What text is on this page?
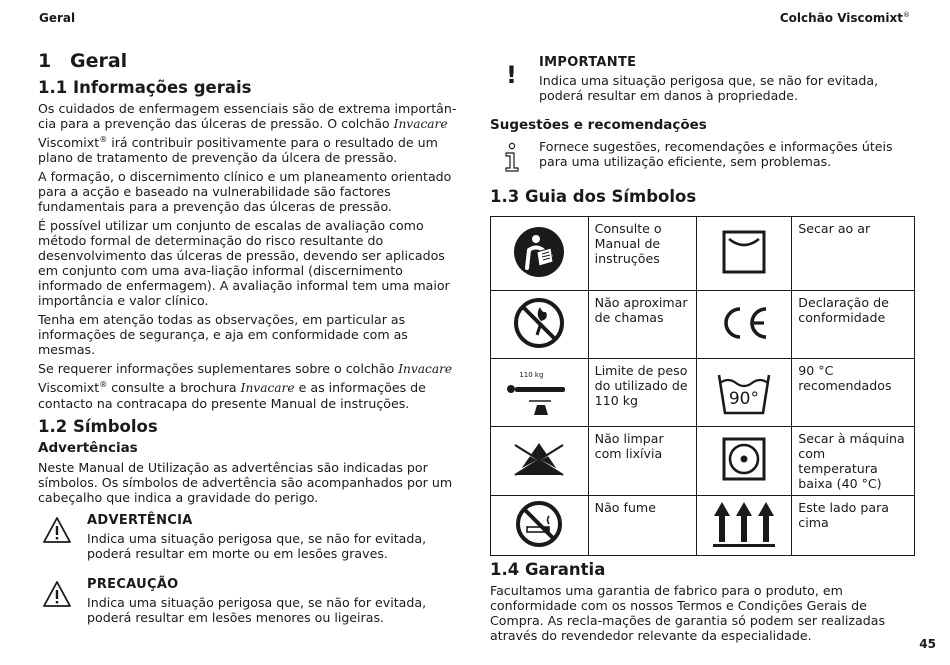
Geral	Colchão Viscomixt®
1 Geral
1.1 Informações gerais

Os cuidados de enfermagem essenciais são de extrema importân-cia para a prevenção das úlceras de pressão. O colchão Invacare Viscomixt® irá contribuir positivamente para o resultado de um plano de tratamento de prevenção da úlcera de pressão.

A formação, o discernimento clínico e um planeamento orientado para a acção e baseado na vulnerabilidade são factores fundamentais para a prevenção das úlceras de pressão.

É possível utilizar um conjunto de escalas de avaliação como método formal de determinação do risco resultante do desenvolvimento das úlceras de pressão, devendo ser aplicados em conjunto com uma ava-liação informal (discernimento informado de enfermagem). A avaliação informal tem uma maior importância e valor clínico.

Tenha em atenção todas as observações, em particular as informações de segurança, e aja em conformidade com as mesmas.

Se requerer informações suplementares sobre o colchão Invacare Viscomixt® consulte a brochura Invacare e as informações de contacto na contracapa do presente Manual de instruções.

1.2 Símbolos
Advertências

Neste Manual de Utilização as advertências são indicadas por símbolos. Os símbolos de advertência são acompanhados por um cabeçalho que indica a gravidade do perigo.

ADVERTÊNCIA
Indica uma situação perigosa que, se não for evitada, poderá resultar em morte ou em lesões graves.
PRECAUÇÃO
Indica uma situação perigosa que, se não for evitada, poderá resultar em lesões menores ou ligeiras.
! IMPORTANTE
Indica uma situação perigosa que, se não for evitada, poderá resultar em danos à propriedade.
Sugestões e recomendações
Fornece sugestões, recomendações e informações úteis para uma utilização eficiente, sem problemas.
1.3 Guia dos Símbolos
	Consulte o Manual de instruções		Secar ao ar
	Não aproximar de chamas		Declaração de conformidade

110 kg	Limite de peso do utilizado de 110 kg	90°	90 °C recomendados
	Não limpar com lixívia		Secar à máquina com temperatura baixa (40 °C)
	Não fume		Este lado para cima
1.4 Garantia

Facultamos uma garantia de fabrico para o produto, em conformidade com os nossos Termos e Condições Gerais de Compra. As recla-mações de garantia só podem ser realizadas através do revendedor relevante da especialidade.

45
